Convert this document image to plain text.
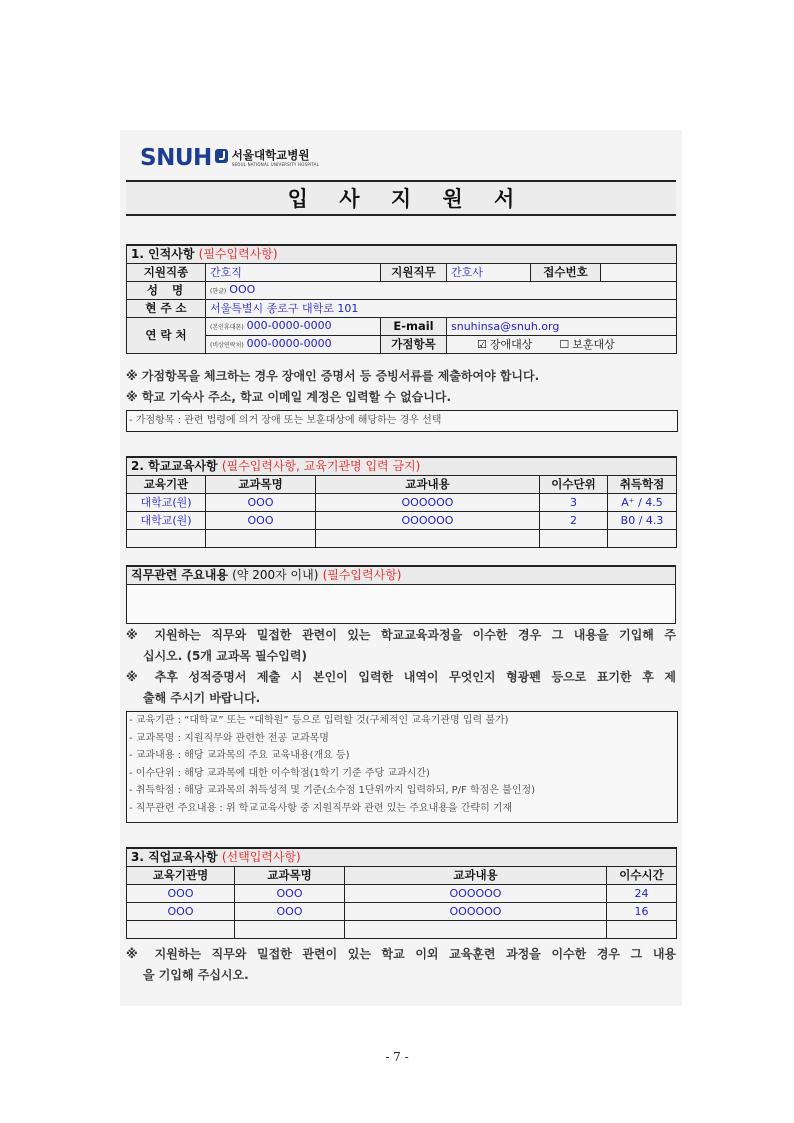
SNUH 서울대학교병원
SEOUL NATIONAL UNIVERSITY HOSPITAL
입 사 지 원 서
1. 인적사항 (필수입력사항)					
지원직종	간호직	지원직무	간호사	접수번호	
성  명	(한글) OOO				
현 주 소	서울특별시 종로구 대학로 101				
연 락 처	(본인휴대폰) 000-0000-0000	E-mail	snuhinsa@snuh.org		
	(비상연락처) 000-0000-0000	가점항목	☑ 장애대상 ☐ 보훈대상		
※ 가점항목을 체크하는 경우 장애인 증명서 등 증빙서류를 제출하여야 합니다.
※ 학교 기숙사 주소, 학교 이메일 계정은 입력할 수 없습니다.
- 가점항목 : 관련 법령에 의거 장애 또는 보훈대상에 해당하는 경우 선택
2. 학교교육사항 (필수입력사항, 교육기관명 입력 금지)				
교육기관	교과목명	교과내용	이수단위	취득학점
대학교(원)	OOO	OOOOOO	3	A⁺ / 4.5
대학교(원)	OOO	OOOOOO	2	B0 / 4.3

직무관련 주요내용 (약 200자 이내) (필수입력사항)

※ 지원하는 직무와 밀접한 관련이 있는 학교교육과정을 이수한 경우 그 내용을 기입해 주
십시오. (5개 교과목 필수입력)
※ 추후 성적증명서 제출 시 본인이 입력한 내역이 무엇인지 형광펜 등으로 표기한 후 제
출해 주시기 바랍니다.
- 교육기관 : “대학교” 또는 “대학원” 등으로 입력할 것(구체적인 교육기관명 입력 불가)
- 교과목명 : 지원직무와 관련한 전공 교과목명
- 교과내용 : 해당 교과목의 주요 교육내용(개요 등)
- 이수단위 : 해당 교과목에 대한 이수학점(1학기 기준 주당 교과시간)
- 취득학점 : 해당 교과목의 취득성적 및 기준(소수점 1단위까지 입력하되, P/F 학점은 불인정)
- 직무관련 주요내용 : 위 학교교육사항 중 지원직무와 관련 있는 주요내용을 간략히 기재
3. 직업교육사항 (선택입력사항)			
교육기관명	교과목명	교과내용	이수시간
OOO	OOO	OOOOOO	24
OOO	OOO	OOOOOO	16

※ 지원하는 직무와 밀접한 관련이 있는 학교 이외 교육훈련 과정을 이수한 경우 그 내용
을 기입해 주십시오.
- 7 -
